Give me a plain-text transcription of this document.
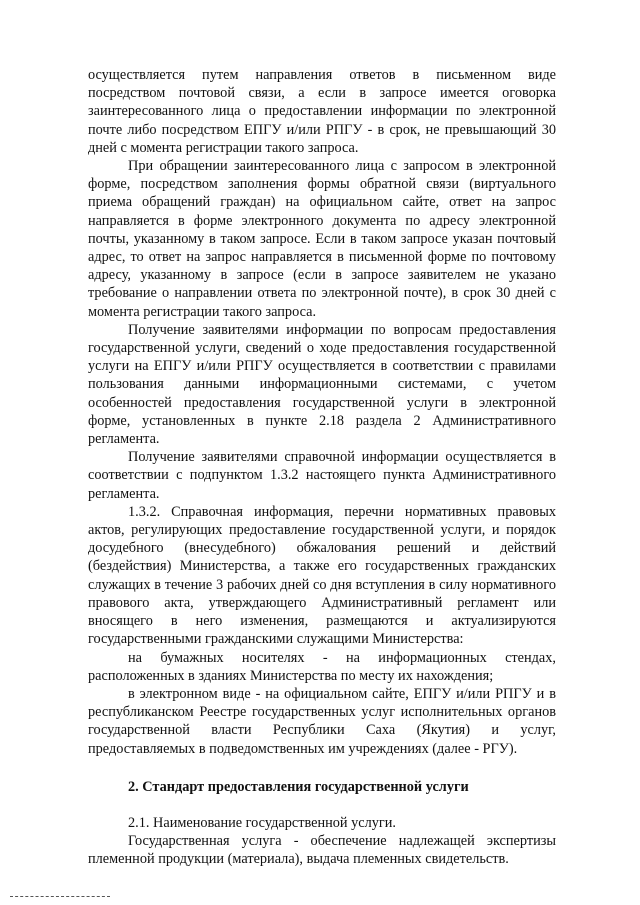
осуществляется путем направления ответов в письменном виде посредством почтовой связи, а если в запросе имеется оговорка заинтересованного лица о предоставлении информации по электронной почте либо посредством ЕПГУ и/или РПГУ - в срок, не превышающий 30 дней с момента регистрации такого запроса.

При обращении заинтересованного лица с запросом в электронной форме, посредством заполнения формы обратной связи (виртуального приема обращений граждан) на официальном сайте, ответ на запрос направляется в форме электронного документа по адресу электронной почты, указанному в таком запросе. Если в таком запросе указан почтовый адрес, то ответ на запрос направляется в письменной форме по почтовому адресу, указанному в запросе (если в запросе заявителем не указано требование о направлении ответа по электронной почте), в срок 30 дней с момента регистрации такого запроса.

Получение заявителями информации по вопросам предоставления государственной услуги, сведений о ходе предоставления государственной услуги на ЕПГУ и/или РПГУ осуществляется в соответствии с правилами пользования данными информационными системами, с учетом особенностей предоставления государственной услуги в электронной форме, установленных в пункте 2.18 раздела 2 Административного регламента.

Получение заявителями справочной информации осуществляется в соответствии с подпунктом 1.3.2 настоящего пункта Административного регламента.

1.3.2. Справочная информация, перечни нормативных правовых актов, регулирующих предоставление государственной услуги, и порядок досудебного (внесудебного) обжалования решений и действий (бездействия) Министерства, а также его государственных гражданских служащих в течение 3 рабочих дней со дня вступления в силу нормативного правового акта, утверждающего Административный регламент или вносящего в него изменения, размещаются и актуализируются государственными гражданскими служащими Министерства:

на бумажных носителях - на информационных стендах, расположенных в зданиях Министерства по месту их нахождения;

в электронном виде - на официальном сайте, ЕПГУ и/или РПГУ и в республиканском Реестре государственных услуг исполнительных органов государственной власти Республики Саха (Якутия) и услуг, предоставляемых в подведомственных им учреждениях (далее - РГУ).

2. Стандарт предоставления государственной услуги

2.1. Наименование государственной услуги.

Государственная услуга - обеспечение надлежащей экспертизы племенной продукции (материала), выдача племенных свидетельств.
